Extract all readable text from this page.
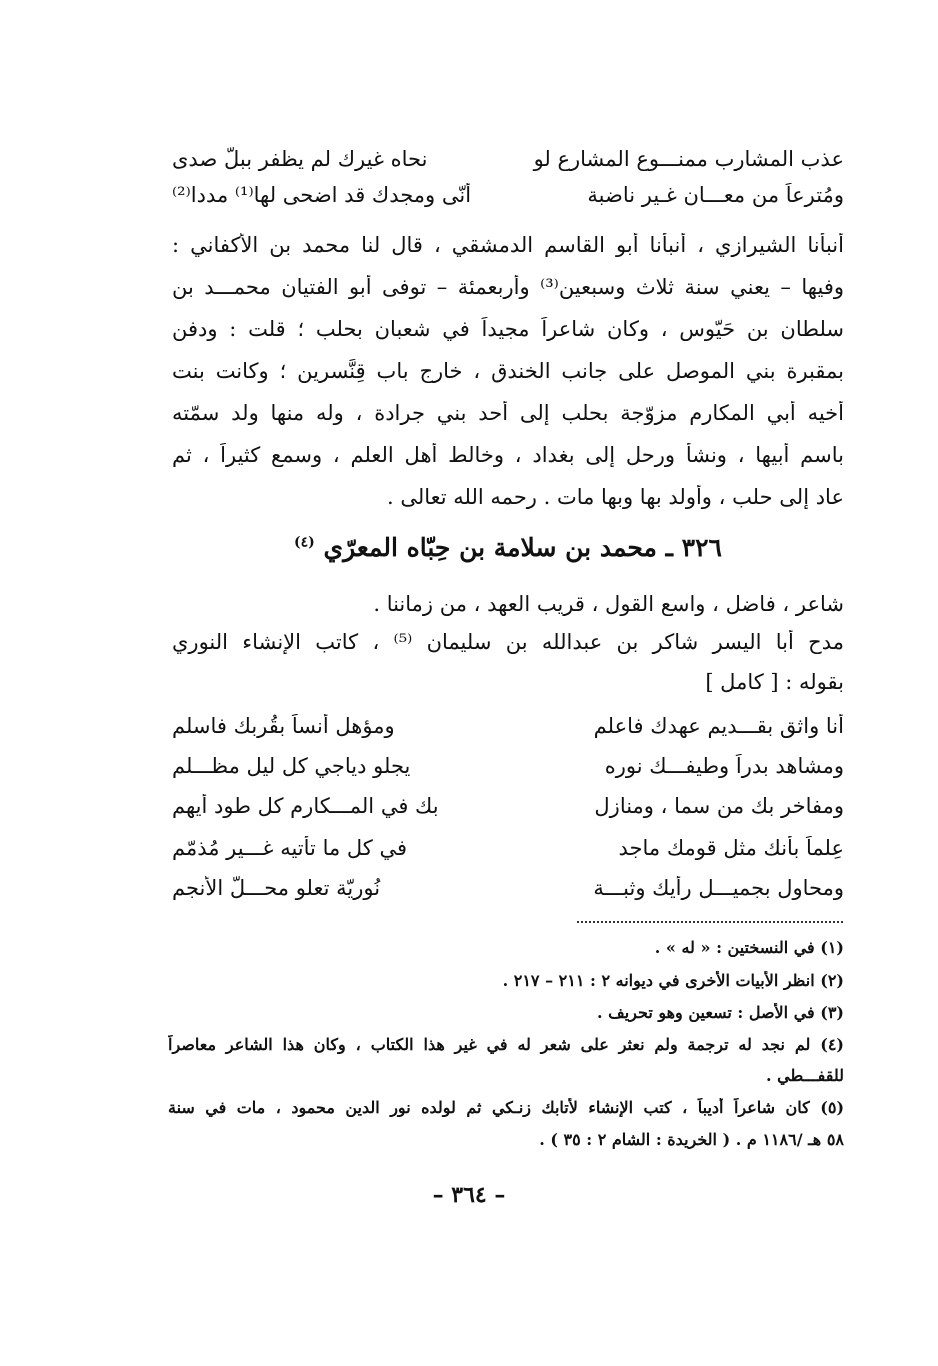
عذب المشارب ممنـــوع المشارع لو
نحاه غيرك لم يظفر ببلّ صدى
ومُترعاً من معـــان غـير ناضبة
أنّى ومجدك قد اضحى لها⁽¹⁾ مددا⁽²⁾
أنبأنا الشيرازي ، أنبأنا أبو القاسم الدمشقي ، قال لنا محمد بن الأكفاني :
وفيها – يعني سنة ثلاث وسبعين⁽³⁾ وأربعمئة – توفى أبو الفتيان محمـــد بن
سلطان بن حَيّوس ، وكان شاعراً مجيداً في شعبان بحلب ؛ قلت : ودفن
بمقبرة بني الموصل على جانب الخندق ، خارج باب قِنَّسرين ؛ وكانت بنت
أخيه أبي المكارم مزوّجة بحلب إلى أحد بني جرادة ، وله منها ولد سمّته
باسم أبيها ، ونشأ ورحل إلى بغداد ، وخالط أهل العلم ، وسمع كثيراً ، ثم
عاد إلى حلب ، وأولد بها وبها مات . رحمه الله تعالى .
٣٢٦ ـ محمد بن سلامة بن حِبّاه المعرّي $^{(٤)}$
شاعر ، فاضل ، واسع القول ، قريب العهد ، من زماننا .
مدح أبا اليسر شاكر بن عبدالله بن سليمان ⁽⁵⁾ ، كاتب الإنشاء النوري
بقوله : [ كامل ]
أنا واثق بقـــديم عهدك فاعلم
ومؤهل أُنساً بقُربك فاسلم
ومشاهد بدراً وطيفـــك نوره
يجلو دياجي كل ليل مظـــلم
ومفاخر بك من سما ، ومنازل
بك في المـــكارم كل طود أيهم
عِلماً بأنك مثل قومك ماجد
في كل ما تأتيه غـــير مُذمّم
ومحاول بجميـــل رأيك وثبـــة
نُوريّة تعلو محـــلّ الأنجم
(١) في النسختين : « له » .
(٢) انظر الأبيات الأخرى في ديوانه ٢ : ٢١١ – ٢١٧ .
(٣) في الأصل : تسعين وهو تحريف .
(٤) لم نجد له ترجمة ولم نعثر على شعر له في غير هذا الكتاب ، وكان هذا الشاعر معاصراً
للقفـــطي .
(٥) كان شاعراً أديباً ، كتب الإنشاء لأتابك زنـكي ثم لولده نور الدين محمود ، مات في سنة
٥٨ هـ /١١٨٦ م . ( الخريدة : الشام ٢ : ٣٥ ) .
– ٣٦٤ –
